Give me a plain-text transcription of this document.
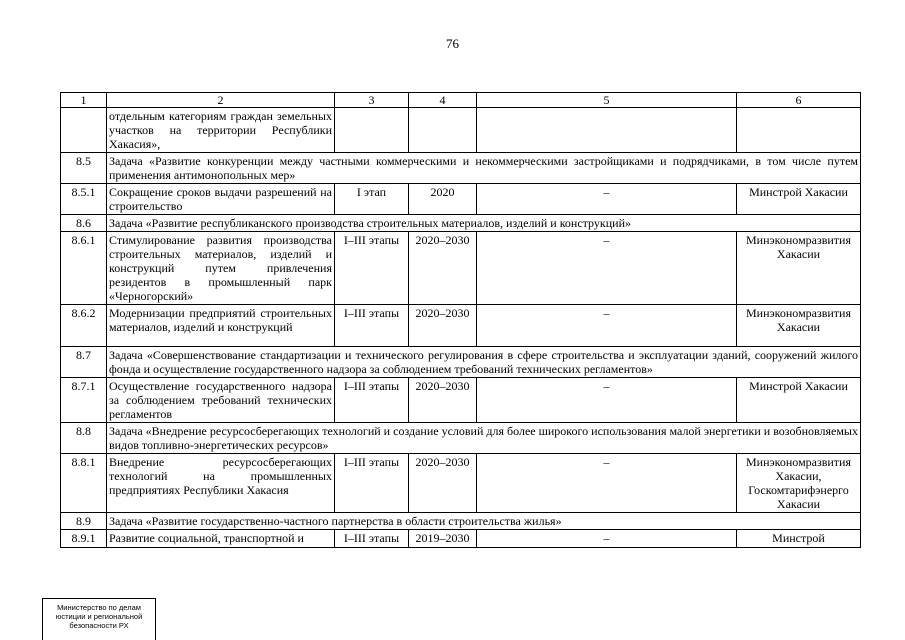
76
1	2	3	4	5	6
	отдельным категориям граждан земельных участков на территории Республики Хакасия»,				
8.5	Задача «Развитие конкуренции между частными коммерческими и некоммерческими застройщиками и подрядчиками, в том числе путем применения антимонопольных мер»				
8.5.1	Сокращение сроков выдачи разрешений на строительство	I этап	2020	–	Минстрой Хакасии
8.6	Задача «Развитие республиканского производства строительных материалов, изделий и конструкций»				
8.6.1	Стимулирование развития производства строительных материалов, изделий и конструкций путем привлечения резидентов в промышленный парк «Черногорский»	I–III этапы	2020–2030	–	Минэкономразвития Хакасии
8.6.2	Модернизации предприятий строительных материалов, изделий и конструкций	I–III этапы	2020–2030	–	Минэкономразвития Хакасии
8.7	Задача «Совершенствование стандартизации и технического регулирования в сфере строительства и эксплуатации зданий, сооружений жилого фонда и осуществление государственного надзора за соблюдением требований технических регламентов»				
8.7.1	Осуществление государственного надзора за соблюдением требований технических регламентов	I–III этапы	2020–2030	–	Минстрой Хакасии
8.8	Задача «Внедрение ресурсосберегающих технологий и создание условий для более широкого использования малой энергетики и возобновляемых видов топливно-энергетических ресурсов»				
8.8.1	Внедрение ресурсосберегающих технологий на промышленных предприятиях Республики Хакасия	I–III этапы	2020–2030	–	Минэкономразвития Хакасии, Госкомтарифэнерго Хакасии
8.9	Задача «Развитие государственно-частного партнерства в области строительства жилья»				
8.9.1	Развитие социальной, транспортной и	I–III этапы	2019–2030	–	Минстрой
Министерство по делам
юстиции и региональной
безопасности РХ
